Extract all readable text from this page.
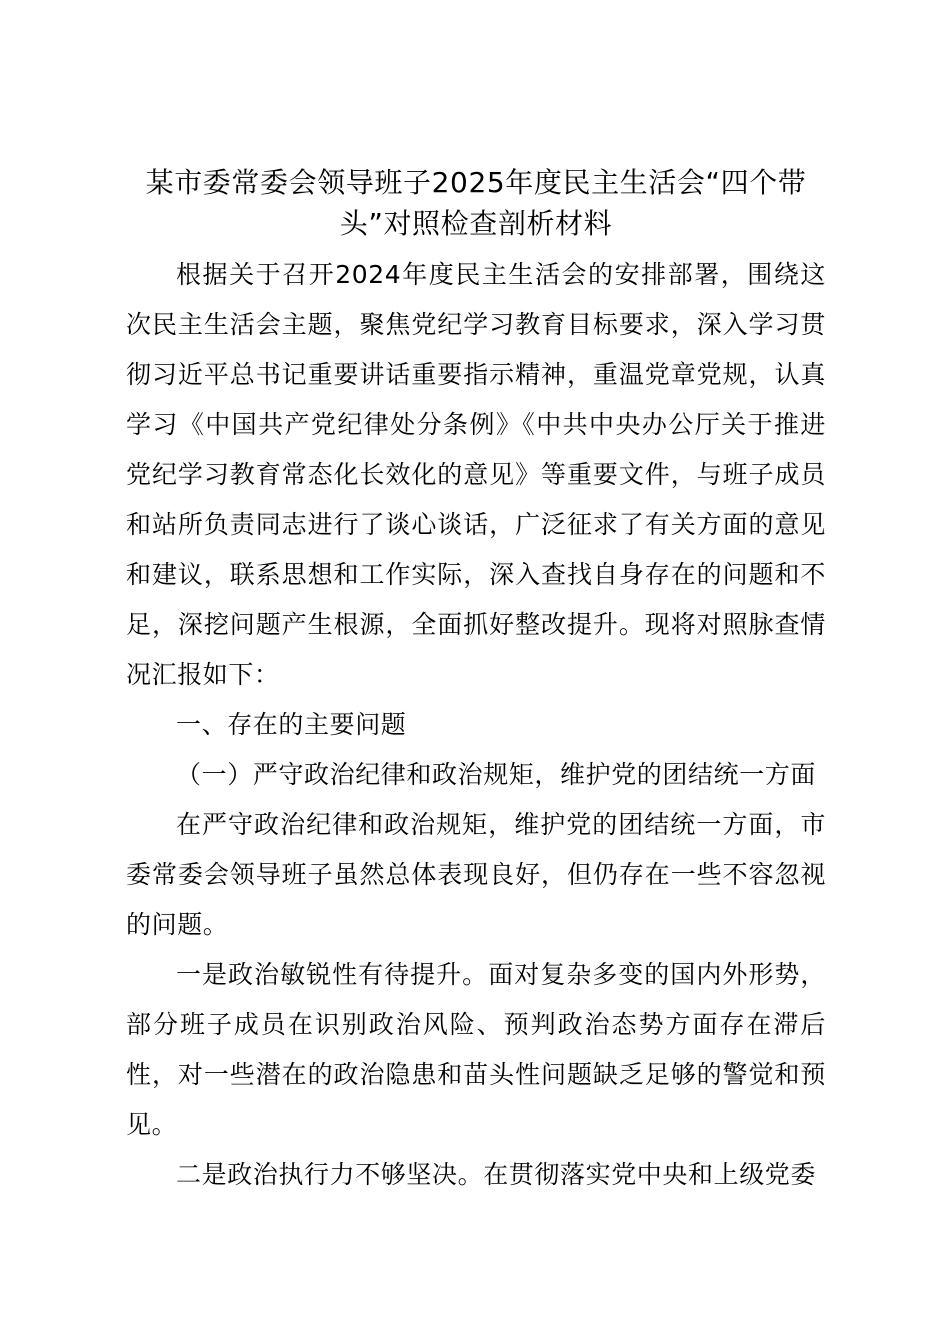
某市委常委会领导班子2025年度民主生活会“四个带
头”对照检查剖析材料

根据关于召开2024年度民主生活会的安排部署，围绕这次民主生活会主题，聚焦党纪学习教育目标要求，深入学习贯彻习近平总书记重要讲话重要指示精神，重温党章党规，认真学习《中国共产党纪律处分条例》《中共中央办公厅关于推进党纪学习教育常态化长效化的意见》等重要文件，与班子成员和站所负责同志进行了谈心谈话，广泛征求了有关方面的意见和建议，联系思想和工作实际，深入查找自身存在的问题和不足，深挖问题产生根源，全面抓好整改提升。现将对照脉查情况汇报如下：

一、存在的主要问题

（一）严守政治纪律和政治规矩，维护党的团结统一方面

在严守政治纪律和政治规矩，维护党的团结统一方面，市委常委会领导班子虽然总体表现良好，但仍存在一些不容忽视的问题。

一是政治敏锐性有待提升。面对复杂多变的国内外形势，部分班子成员在识别政治风险、预判政治态势方面存在滞后性，对一些潜在的政治隐患和苗头性问题缺乏足够的警觉和预见。

二是政治执行力不够坚决。在贯彻落实党中央和上级党委
